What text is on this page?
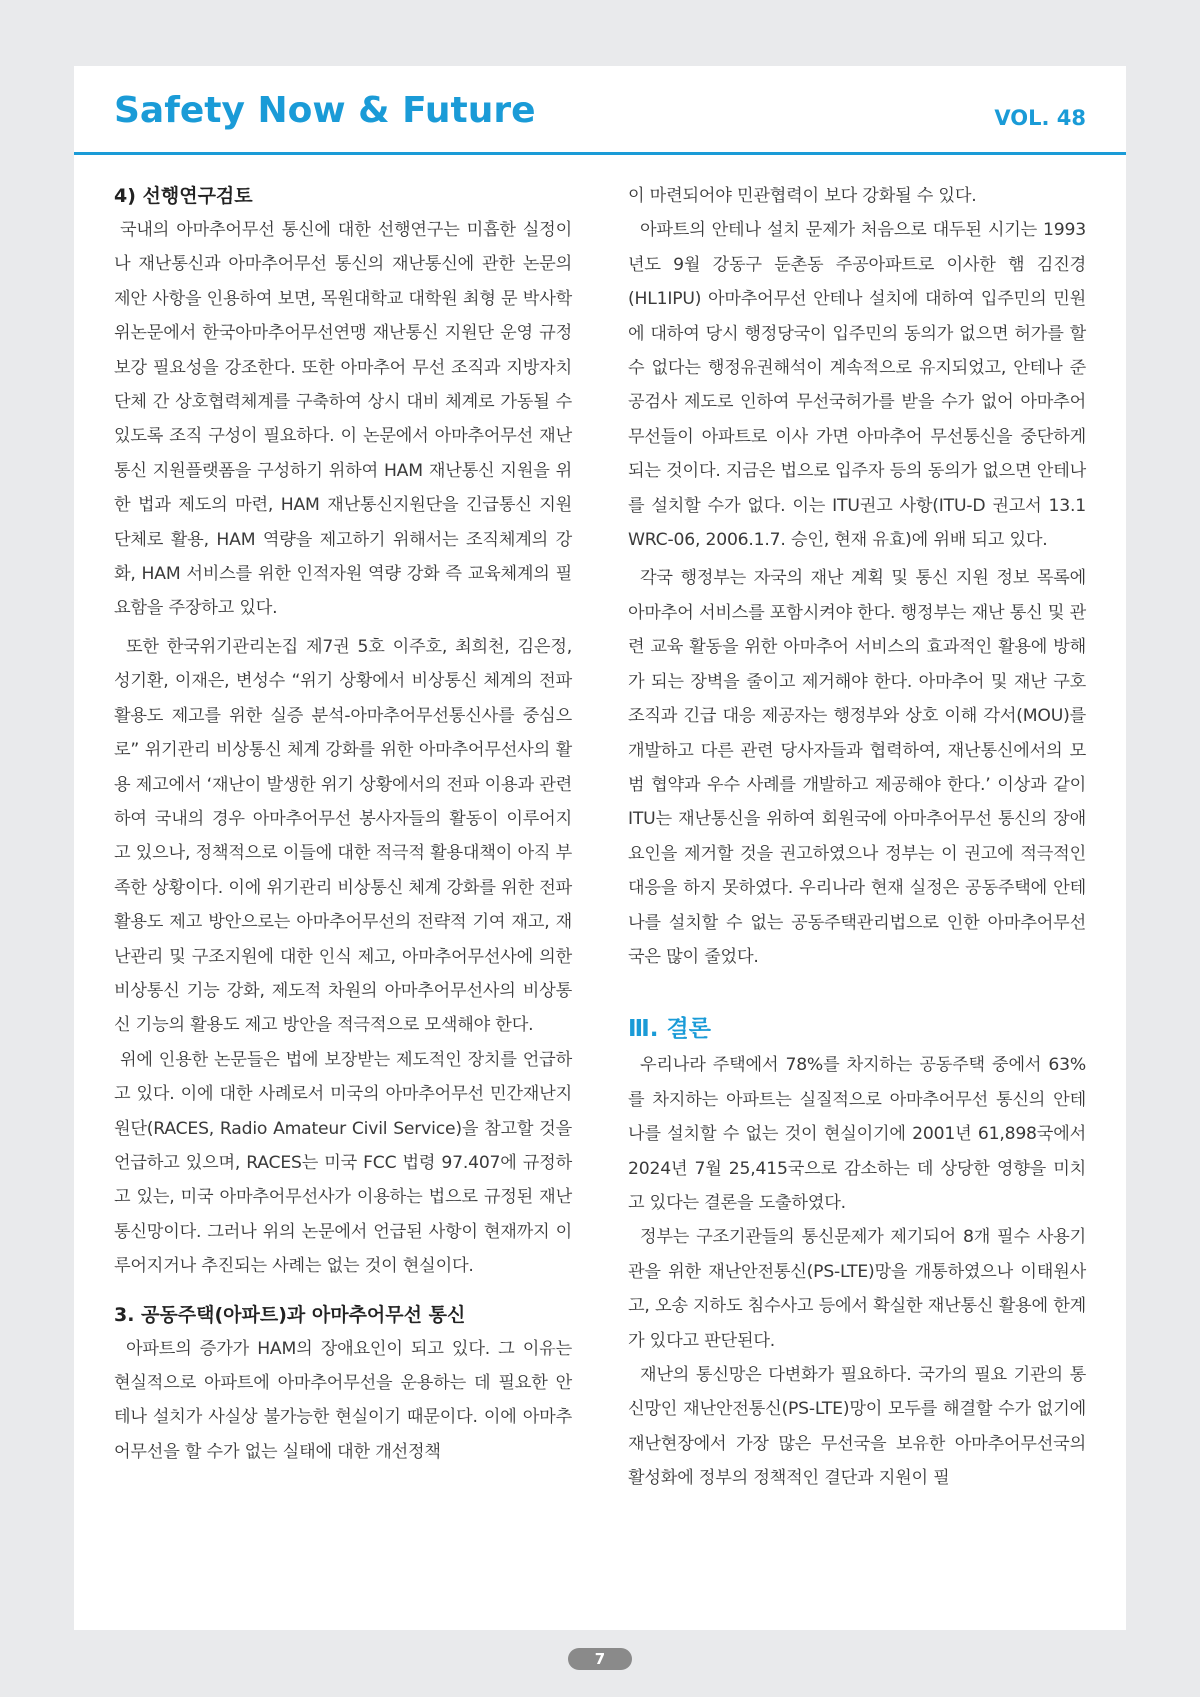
Safety Now & Future	VOL. 48
4) 선행연구검토

국내의 아마추어무선 통신에 대한 선행연구는 미흡한 실정이나 재난통신과 아마추어무선 통신의 재난통신에 관한 논문의 제안 사항을 인용하여 보면, 목원대학교 대학원 최형 문 박사학위논문에서 한국아마추어무선연맹 재난통신 지원단 운영 규정 보강 필요성을 강조한다. 또한 아마추어 무선 조직과 지방자치단체 간 상호협력체계를 구축하여 상시 대비 체계로 가동될 수 있도록 조직 구성이 필요하다. 이 논문에서 아마추어무선 재난통신 지원플랫폼을 구성하기 위하여 HAM 재난통신 지원을 위한 법과 제도의 마련, HAM 재난통신지원단을 긴급통신 지원 단체로 활용, HAM 역량을 제고하기 위해서는 조직체계의 강화, HAM 서비스를 위한 인적자원 역량 강화 즉 교육체계의 필요함을 주장하고 있다.

또한 한국위기관리논집 제7권 5호 이주호, 최희천, 김은정, 성기환, 이재은, 변성수 “위기 상황에서 비상통신 체계의 전파 활용도 제고를 위한 실증 분석-아마추어무선통신사를 중심으로” 위기관리 비상통신 체계 강화를 위한 아마추어무선사의 활용 제고에서 ‘재난이 발생한 위기 상황에서의 전파 이용과 관련하여 국내의 경우 아마추어무선 봉사자들의 활동이 이루어지고 있으나, 정책적으로 이들에 대한 적극적 활용대책이 아직 부족한 상황이다. 이에 위기관리 비상통신 체계 강화를 위한 전파 활용도 제고 방안으로는 아마추어무선의 전략적 기여 재고, 재난관리 및 구조지원에 대한 인식 제고, 아마추어무선사에 의한 비상통신 기능 강화, 제도적 차원의 아마추어무선사의 비상통신 기능의 활용도 제고 방안을 적극적으로 모색해야 한다.

위에 인용한 논문들은 법에 보장받는 제도적인 장치를 언급하고 있다. 이에 대한 사례로서 미국의 아마추어무선 민간재난지원단(RACES, Radio Amateur Civil Service)을 참고할 것을 언급하고 있으며, RACES는 미국 FCC 법령 97.407에 규정하고 있는, 미국 아마추어무선사가 이용하는 법으로 규정된 재난통신망이다. 그러나 위의 논문에서 언급된 사항이 현재까지 이루어지거나 추진되는 사례는 없는 것이 현실이다.

3. 공동주택(아파트)과 아마추어무선 통신

아파트의 증가가 HAM의 장애요인이 되고 있다. 그 이유는 현실적으로 아파트에 아마추어무선을 운용하는 데 필요한 안테나 설치가 사실상 불가능한 현실이기 때문이다. 이에 아마추어무선을 할 수가 없는 실태에 대한 개선정책

이 마련되어야 민관협력이 보다 강화될 수 있다.

아파트의 안테나 설치 문제가 처음으로 대두된 시기는 1993년도 9월 강동구 둔촌동 주공아파트로 이사한 햄 김진경(HL1IPU) 아마추어무선 안테나 설치에 대하여 입주민의 민원에 대하여 당시 행정당국이 입주민의 동의가 없으면 허가를 할 수 없다는 행정유권해석이 계속적으로 유지되었고, 안테나 준공검사 제도로 인하여 무선국허가를 받을 수가 없어 아마추어무선들이 아파트로 이사 가면 아마추어 무선통신을 중단하게 되는 것이다. 지금은 법으로 입주자 등의 동의가 없으면 안테나를 설치할 수가 없다. 이는 ITU권고 사항(ITU-D 권고서 13.1 WRC-06, 2006.1.7. 승인, 현재 유효)에 위배 되고 있다.

각국 행정부는 자국의 재난 계획 및 통신 지원 정보 목록에 아마추어 서비스를 포함시켜야 한다. 행정부는 재난 통신 및 관련 교육 활동을 위한 아마추어 서비스의 효과적인 활용에 방해가 되는 장벽을 줄이고 제거해야 한다. 아마추어 및 재난 구호 조직과 긴급 대응 제공자는 행정부와 상호 이해 각서(MOU)를 개발하고 다른 관련 당사자들과 협력하여, 재난통신에서의 모범 협약과 우수 사례를 개발하고 제공해야 한다.’ 이상과 같이 ITU는 재난통신을 위하여 회원국에 아마추어무선 통신의 장애요인을 제거할 것을 권고하였으나 정부는 이 권고에 적극적인 대응을 하지 못하였다. 우리나라 현재 실정은 공동주택에 안테나를 설치할 수 없는 공동주택관리법으로 인한 아마추어무선국은 많이 줄었다.

Ⅲ. 결론

우리나라 주택에서 78%를 차지하는 공동주택 중에서 63%를 차지하는 아파트는 실질적으로 아마추어무선 통신의 안테나를 설치할 수 없는 것이 현실이기에 2001년 61,898국에서 2024년 7월 25,415국으로 감소하는 데 상당한 영향을 미치고 있다는 결론을 도출하였다.

정부는 구조기관들의 통신문제가 제기되어 8개 필수 사용기관을 위한 재난안전통신(PS-LTE)망을 개통하였으나 이태원사고, 오송 지하도 침수사고 등에서 확실한 재난통신 활용에 한계가 있다고 판단된다.

재난의 통신망은 다변화가 필요하다. 국가의 필요 기관의 통신망인 재난안전통신(PS-LTE)망이 모두를 해결할 수가 없기에 재난현장에서 가장 많은 무선국을 보유한 아마추어무선국의 활성화에 정부의 정책적인 결단과 지원이 필

7
